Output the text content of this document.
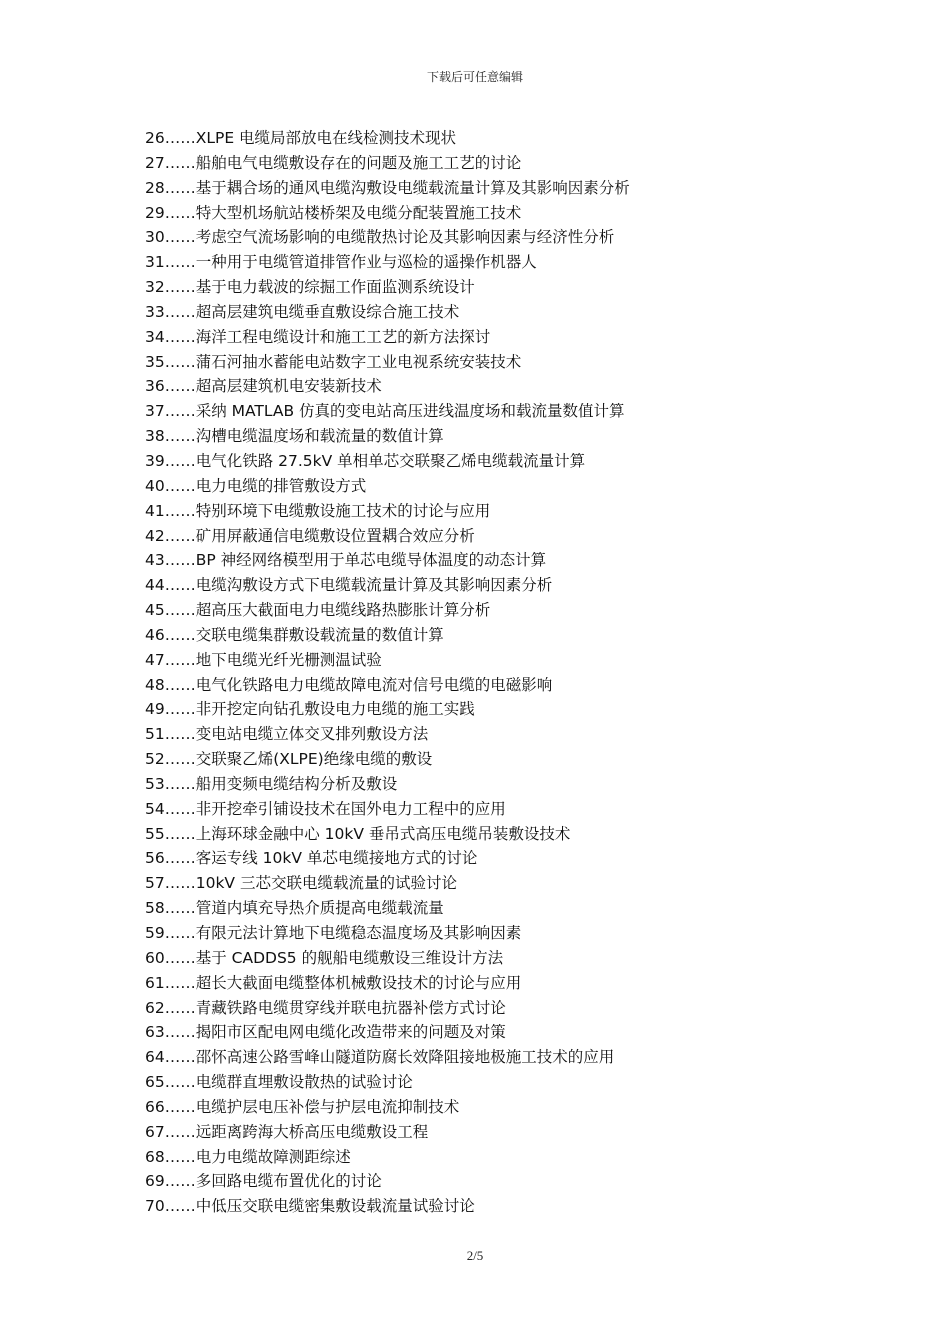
下载后可任意编辑
26……XLPE 电缆局部放电在线检测技术现状
27……船舶电气电缆敷设存在的问题及施工工艺的讨论
28……基于耦合场的通风电缆沟敷设电缆载流量计算及其影响因素分析
29……特大型机场航站楼桥架及电缆分配装置施工技术
30……考虑空气流场影响的电缆散热讨论及其影响因素与经济性分析
31……一种用于电缆管道排管作业与巡检的遥操作机器人
32……基于电力载波的综掘工作面监测系统设计
33……超高层建筑电缆垂直敷设综合施工技术
34……海洋工程电缆设计和施工工艺的新方法探讨
35……蒲石河抽水蓄能电站数字工业电视系统安装技术
36……超高层建筑机电安装新技术
37……采纳 MATLAB 仿真的变电站高压进线温度场和载流量数值计算
38……沟槽电缆温度场和载流量的数值计算
39……电气化铁路 27.5kV 单相单芯交联聚乙烯电缆载流量计算
40……电力电缆的排管敷设方式
41……特别环境下电缆敷设施工技术的讨论与应用
42……矿用屏蔽通信电缆敷设位置耦合效应分析
43……BP 神经网络模型用于单芯电缆导体温度的动态计算
44……电缆沟敷设方式下电缆载流量计算及其影响因素分析
45……超高压大截面电力电缆线路热膨胀计算分析
46……交联电缆集群敷设载流量的数值计算
47……地下电缆光纤光栅测温试验
48……电气化铁路电力电缆故障电流对信号电缆的电磁影响
49……非开挖定向钻孔敷设电力电缆的施工实践
51……变电站电缆立体交叉排列敷设方法
52……交联聚乙烯(XLPE)绝缘电缆的敷设
53……船用变频电缆结构分析及敷设
54……非开挖牵引铺设技术在国外电力工程中的应用
55……上海环球金融中心 10kV 垂吊式高压电缆吊装敷设技术
56……客运专线 10kV 单芯电缆接地方式的讨论
57……10kV 三芯交联电缆载流量的试验讨论
58……管道内填充导热介质提高电缆载流量
59……有限元法计算地下电缆稳态温度场及其影响因素
60……基于 CADDS5 的舰船电缆敷设三维设计方法
61……超长大截面电缆整体机械敷设技术的讨论与应用
62……青藏铁路电缆贯穿线并联电抗器补偿方式讨论
63……揭阳市区配电网电缆化改造带来的问题及对策
64……邵怀高速公路雪峰山隧道防腐长效降阻接地极施工技术的应用
65……电缆群直埋敷设散热的试验讨论
66……电缆护层电压补偿与护层电流抑制技术
67……远距离跨海大桥高压电缆敷设工程
68……电力电缆故障测距综述
69……多回路电缆布置优化的讨论
70……中低压交联电缆密集敷设载流量试验讨论
2/5
